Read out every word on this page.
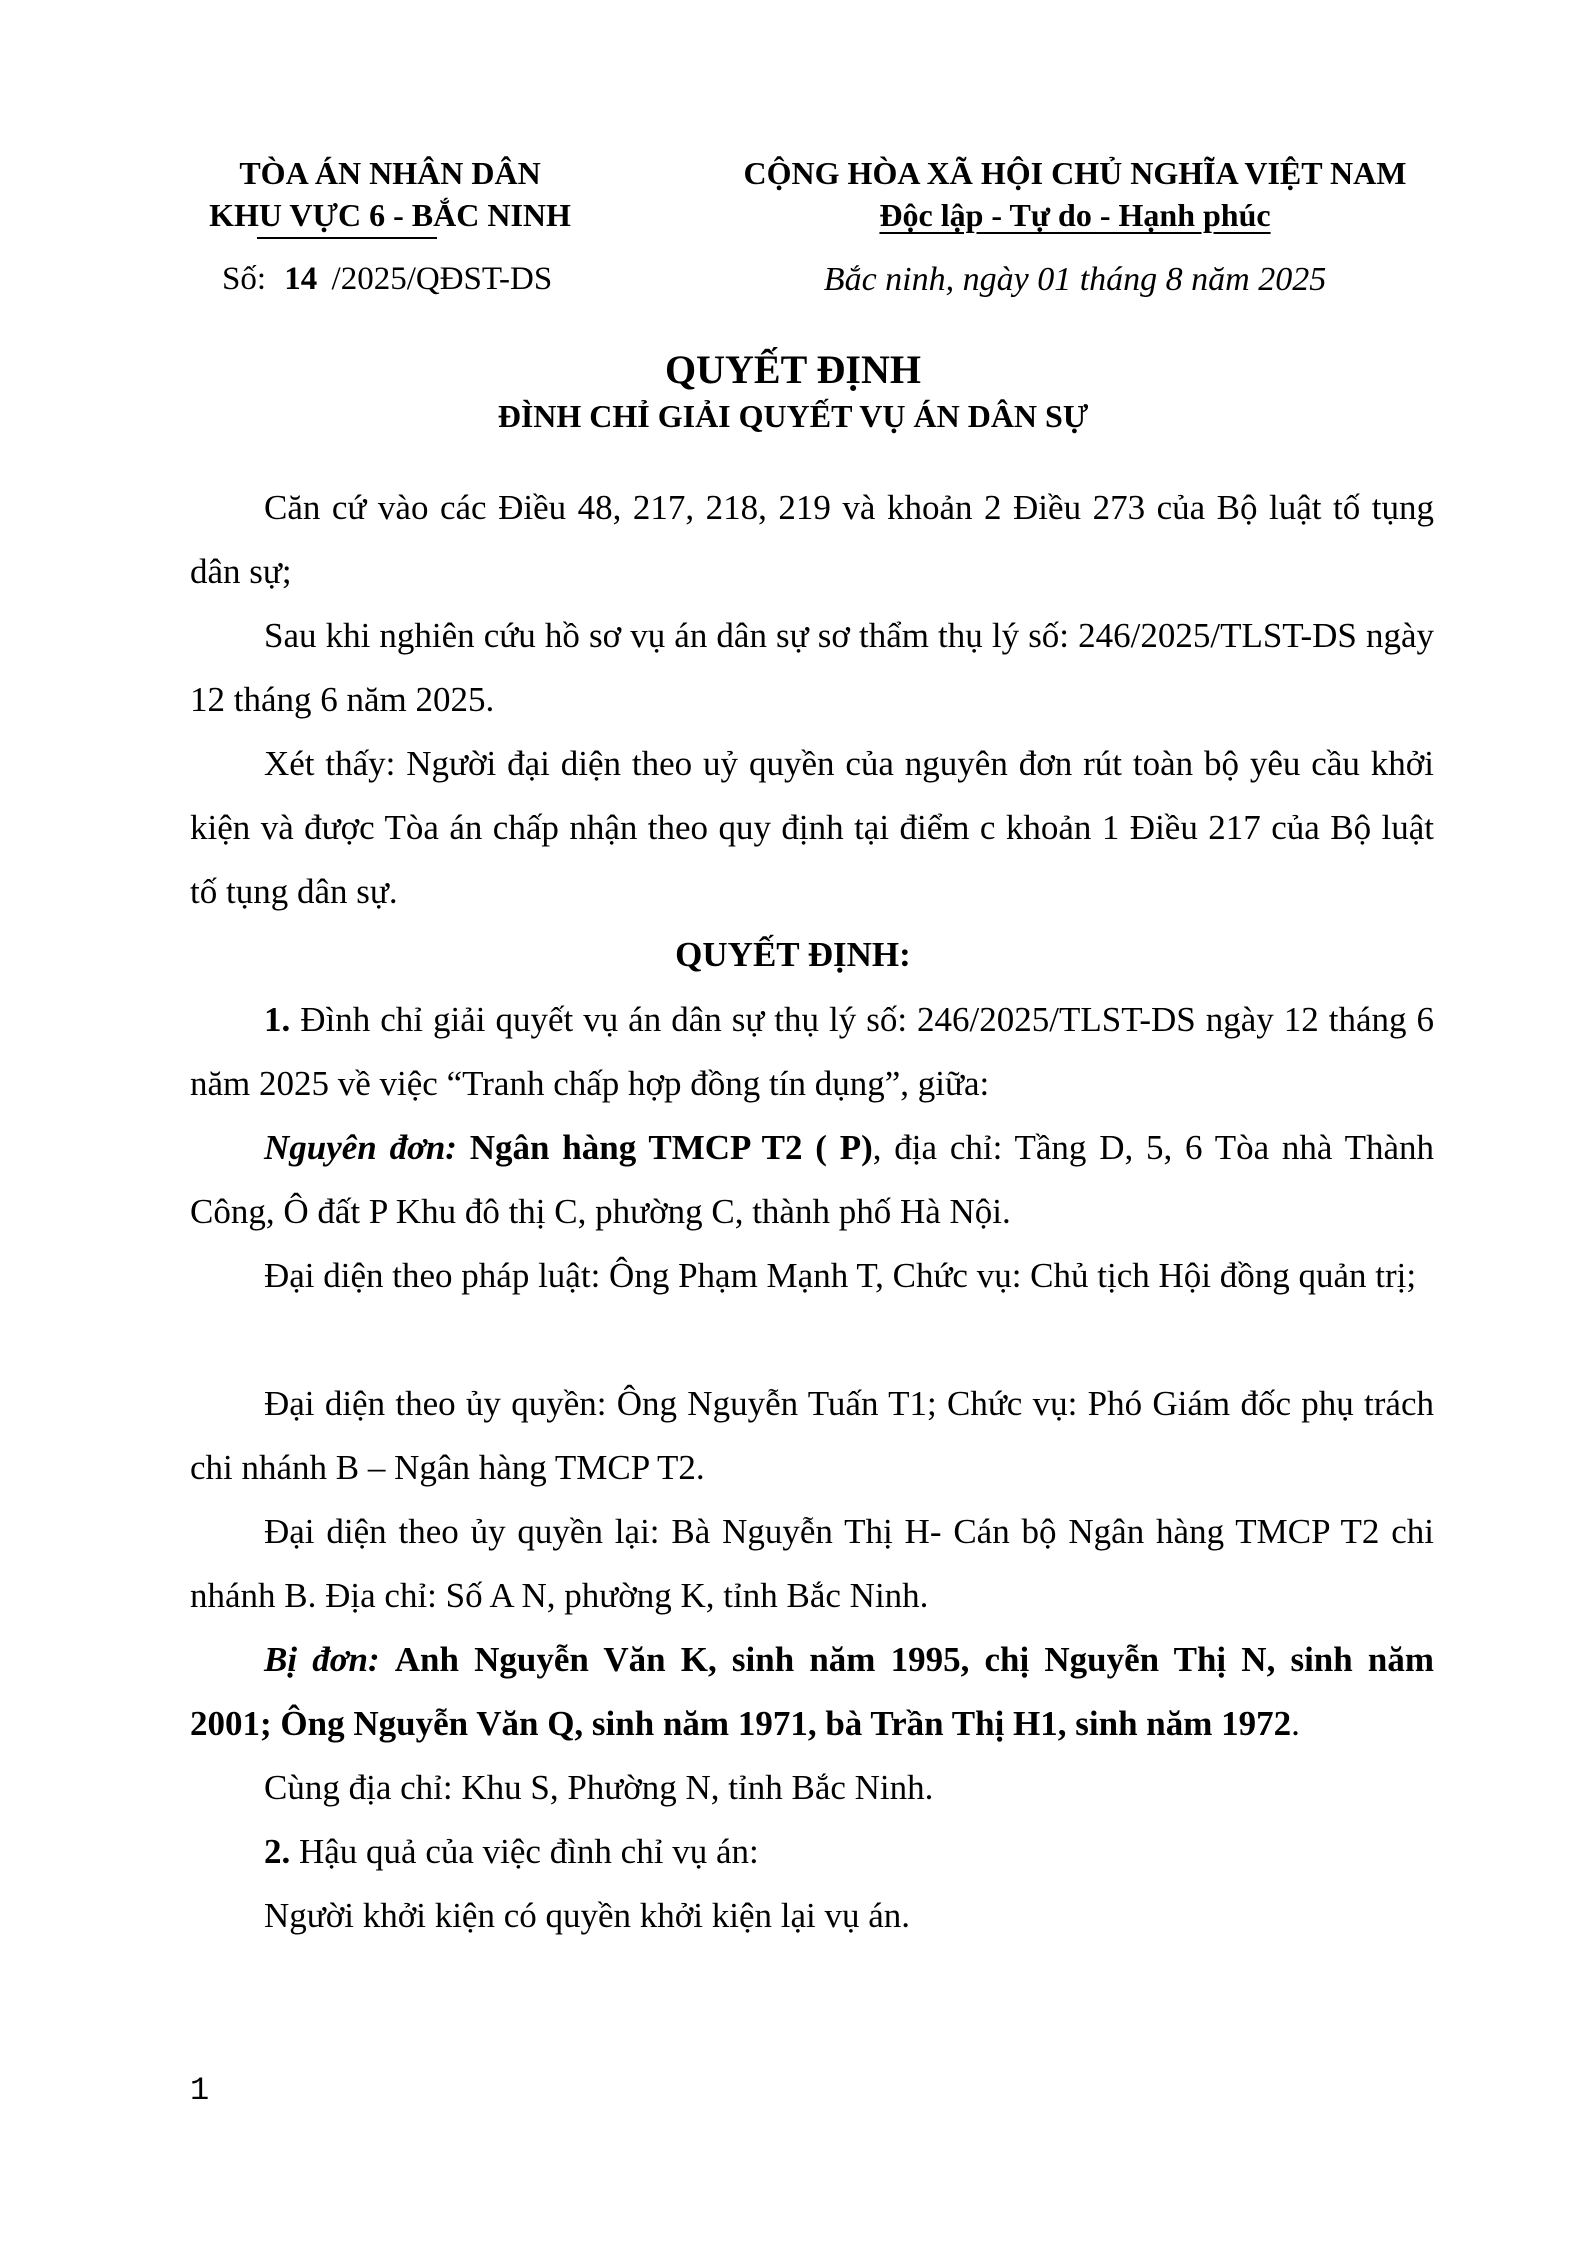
TÒA ÁN NHÂN DÂN
KHU VỰC 6 - BẮC NINH
Số: 14 /2025/QĐST-DS
CỘNG HÒA XÃ HỘI CHỦ NGHĨA VIỆT NAM
Độc lập - Tự do - Hạnh phúc
Bắc ninh, ngày 01 tháng 8 năm 2025
QUYẾT ĐỊNH
ĐÌNH CHỈ GIẢI QUYẾT VỤ ÁN DÂN SỰ

Căn cứ vào các Điều 48, 217, 218, 219 và khoản 2 Điều 273 của Bộ luật tố tụng dân sự;

Sau khi nghiên cứu hồ sơ vụ án dân sự sơ thẩm thụ lý số: 246/2025/TLST-DS ngày 12 tháng 6 năm 2025.

Xét thấy: Người đại diện theo uỷ quyền của nguyên đơn rút toàn bộ yêu cầu khởi kiện và được Tòa án chấp nhận theo quy định tại điểm c khoản 1 Điều 217 của Bộ luật tố tụng dân sự.

QUYẾT ĐỊNH:

1. Đình chỉ giải quyết vụ án dân sự thụ lý số: 246/2025/TLST-DS ngày 12 tháng 6 năm 2025 về việc “Tranh chấp hợp đồng tín dụng”, giữa:

Nguyên đơn: Ngân hàng TMCP T2 ( P), địa chỉ: Tầng D, 5, 6 Tòa nhà Thành Công, Ô đất P Khu đô thị C, phường C, thành phố Hà Nội.

Đại diện theo pháp luật: Ông Phạm Mạnh T, Chức vụ: Chủ tịch Hội đồng quản trị;

Đại diện theo ủy quyền: Ông Nguyễn Tuấn T1; Chức vụ: Phó Giám đốc phụ trách chi nhánh B – Ngân hàng TMCP T2.

Đại diện theo ủy quyền lại: Bà Nguyễn Thị H- Cán bộ Ngân hàng TMCP T2 chi nhánh B. Địa chỉ: Số A N, phường K, tỉnh Bắc Ninh.

Bị đơn: Anh Nguyễn Văn K, sinh năm 1995, chị Nguyễn Thị N, sinh năm 2001; Ông Nguyễn Văn Q, sinh năm 1971, bà Trần Thị H1, sinh năm 1972.

Cùng địa chỉ: Khu S, Phường N, tỉnh Bắc Ninh.

2. Hậu quả của việc đình chỉ vụ án:

Người khởi kiện có quyền khởi kiện lại vụ án.

1
